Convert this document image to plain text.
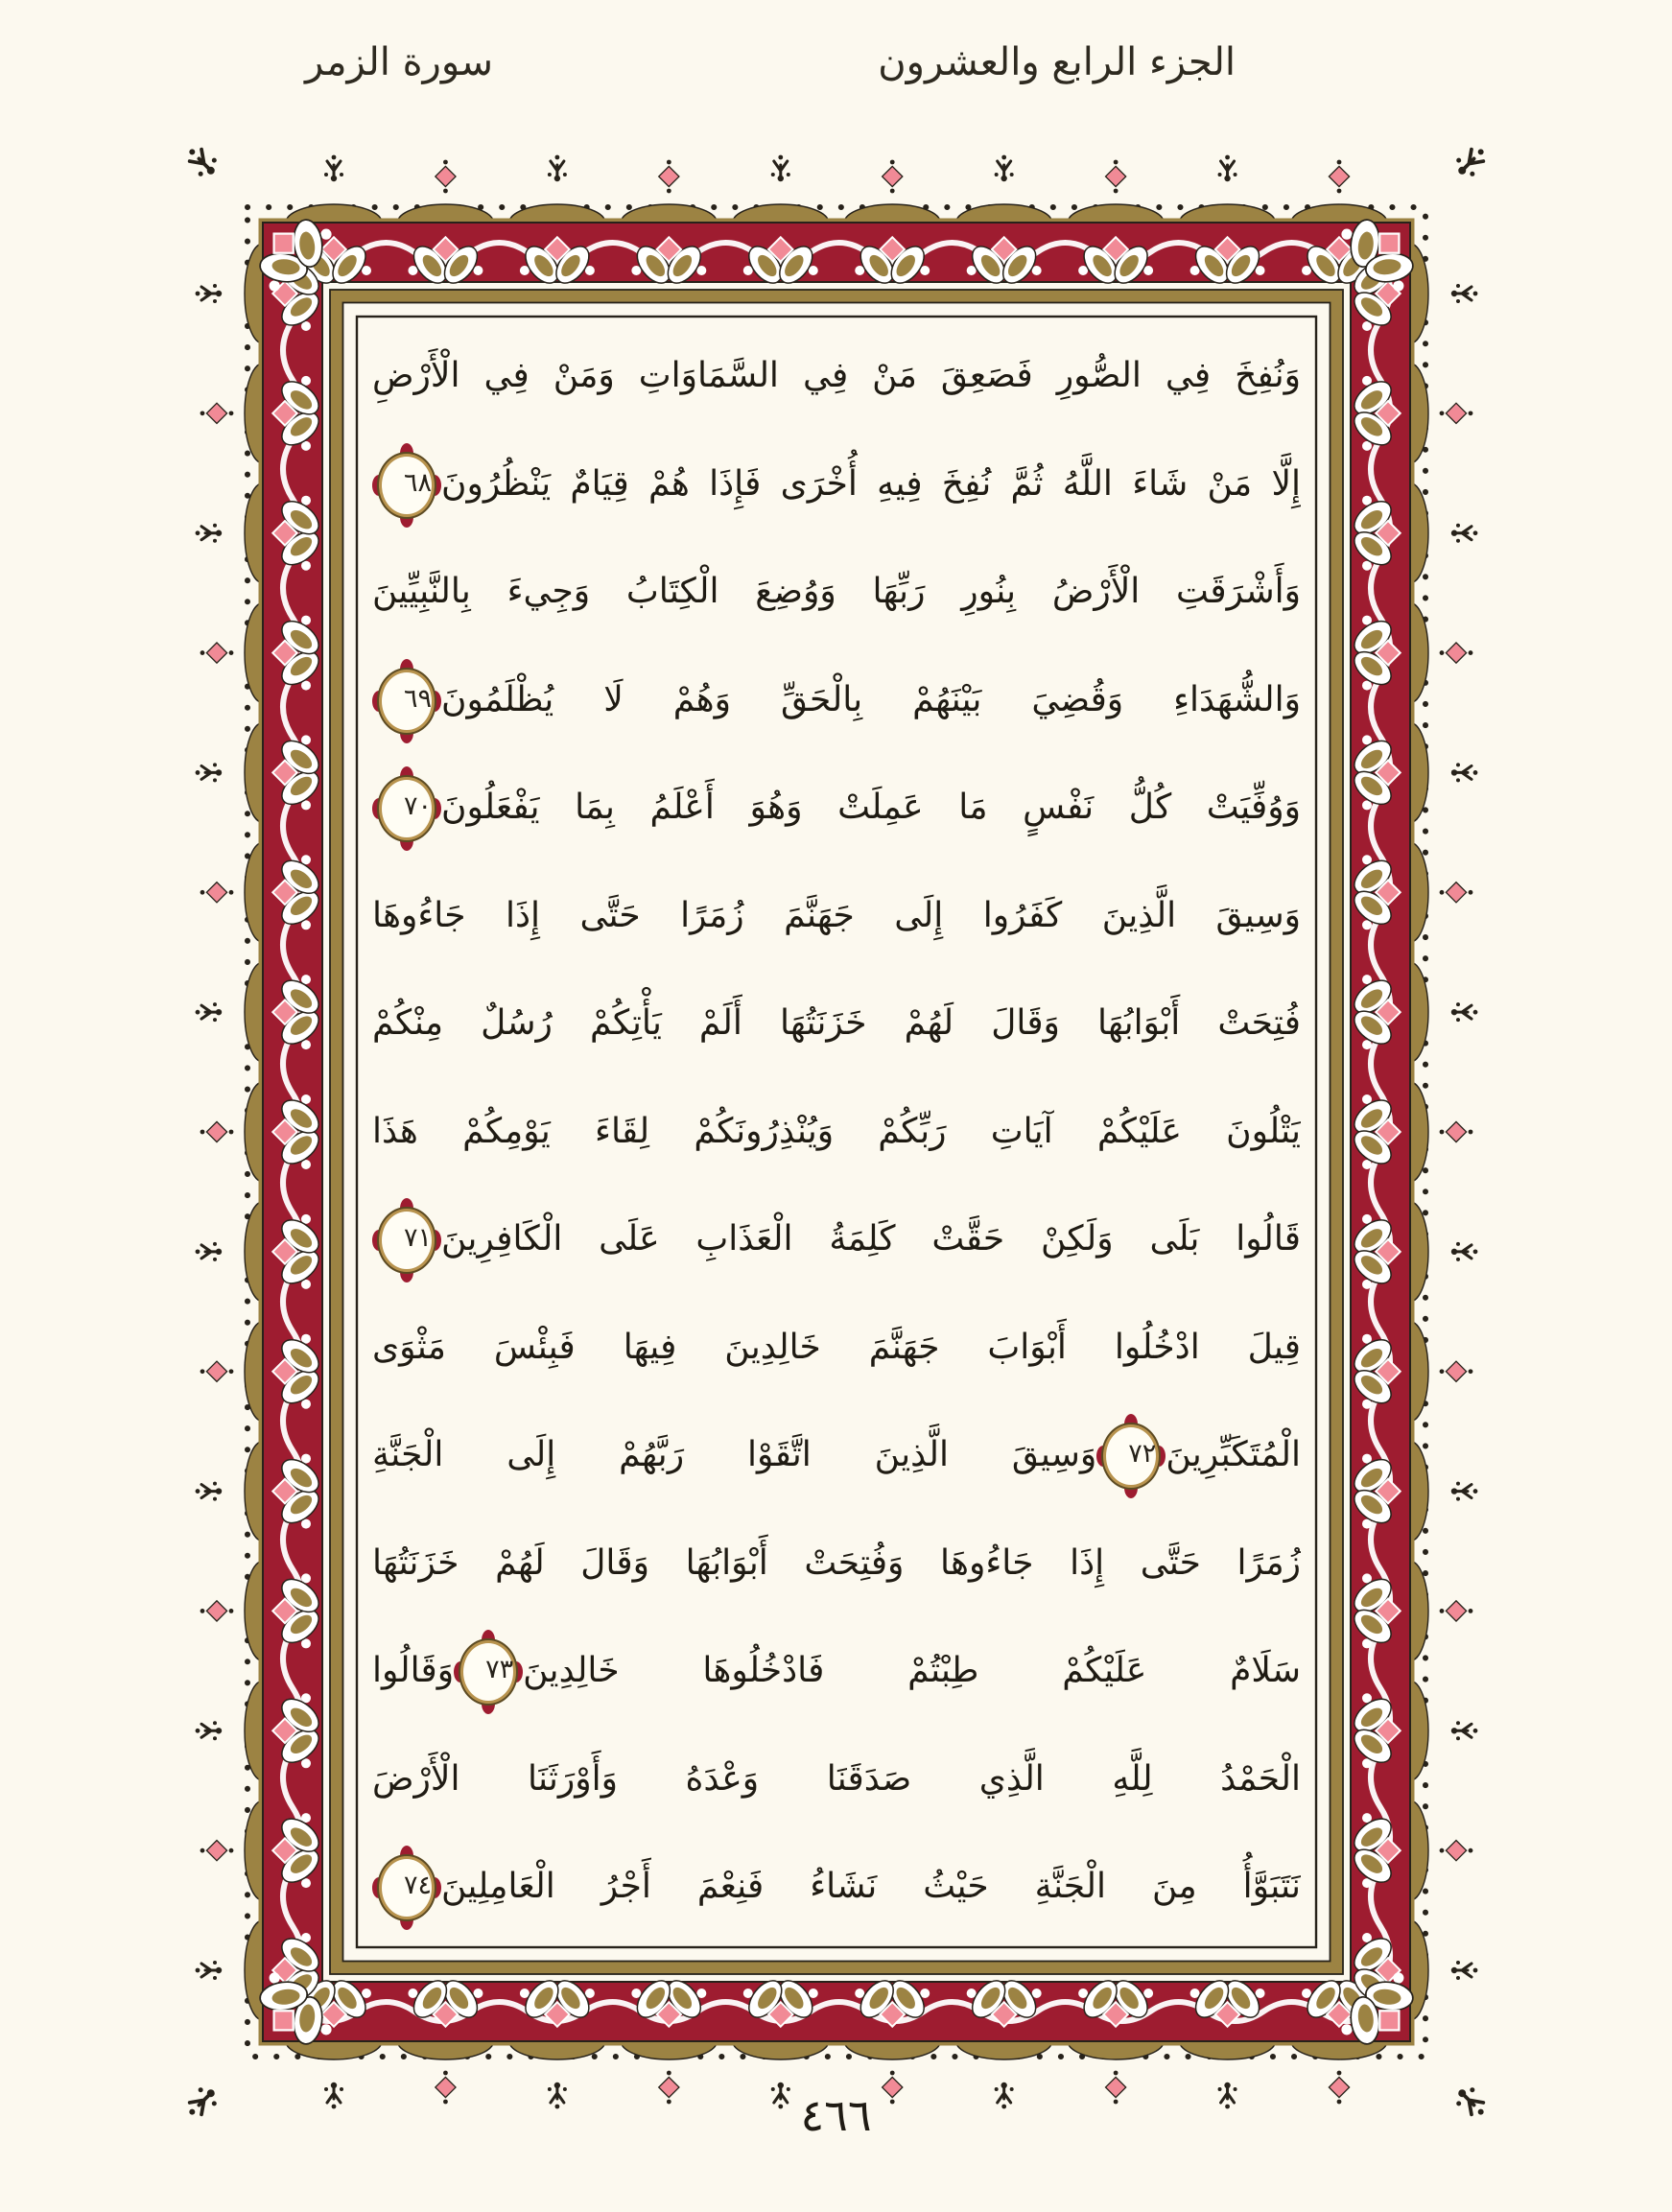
سورة الزمر	الجزء الرابع والعشرون
وَنُفِخَ فِي الصُّورِ فَصَعِقَ مَنْ فِي السَّمَاوَاتِ وَمَنْ فِي الْأَرْضِ
إِلَّا مَنْ شَاءَ اللَّهُ ثُمَّ نُفِخَ فِيهِ أُخْرَى فَإِذَا هُمْ قِيَامٌ يَنْظُرُونَ٦٨
وَأَشْرَقَتِ الْأَرْضُ بِنُورِ رَبِّهَا وَوُضِعَ الْكِتَابُ وَجِيءَ بِالنَّبِيِّينَ
وَالشُّهَدَاءِ وَقُضِيَ بَيْنَهُمْ بِالْحَقِّ وَهُمْ لَا يُظْلَمُونَ٦٩
وَوُفِّيَتْ كُلُّ نَفْسٍ مَا عَمِلَتْ وَهُوَ أَعْلَمُ بِمَا يَفْعَلُونَ٧٠
وَسِيقَ الَّذِينَ كَفَرُوا إِلَى جَهَنَّمَ زُمَرًا حَتَّى إِذَا جَاءُوهَا
فُتِحَتْ أَبْوَابُهَا وَقَالَ لَهُمْ خَزَنَتُهَا أَلَمْ يَأْتِكُمْ رُسُلٌ مِنْكُمْ
يَتْلُونَ عَلَيْكُمْ آيَاتِ رَبِّكُمْ وَيُنْذِرُونَكُمْ لِقَاءَ يَوْمِكُمْ هَذَا
قَالُوا بَلَى وَلَكِنْ حَقَّتْ كَلِمَةُ الْعَذَابِ عَلَى الْكَافِرِينَ٧١
قِيلَ ادْخُلُوا أَبْوَابَ جَهَنَّمَ خَالِدِينَ فِيهَا فَبِئْسَ مَثْوَى
الْمُتَكَبِّرِينَ٧٢وَسِيقَ الَّذِينَ اتَّقَوْا رَبَّهُمْ إِلَى الْجَنَّةِ
زُمَرًا حَتَّى إِذَا جَاءُوهَا وَفُتِحَتْ أَبْوَابُهَا وَقَالَ لَهُمْ خَزَنَتُهَا
سَلَامٌ عَلَيْكُمْ طِبْتُمْ فَادْخُلُوهَا خَالِدِينَ٧٣وَقَالُوا
الْحَمْدُ لِلَّهِ الَّذِي صَدَقَنَا وَعْدَهُ وَأَوْرَثَنَا الْأَرْضَ
نَتَبَوَّأُ مِنَ الْجَنَّةِ حَيْثُ نَشَاءُ فَنِعْمَ أَجْرُ الْعَامِلِينَ٧٤
٤٦٦
